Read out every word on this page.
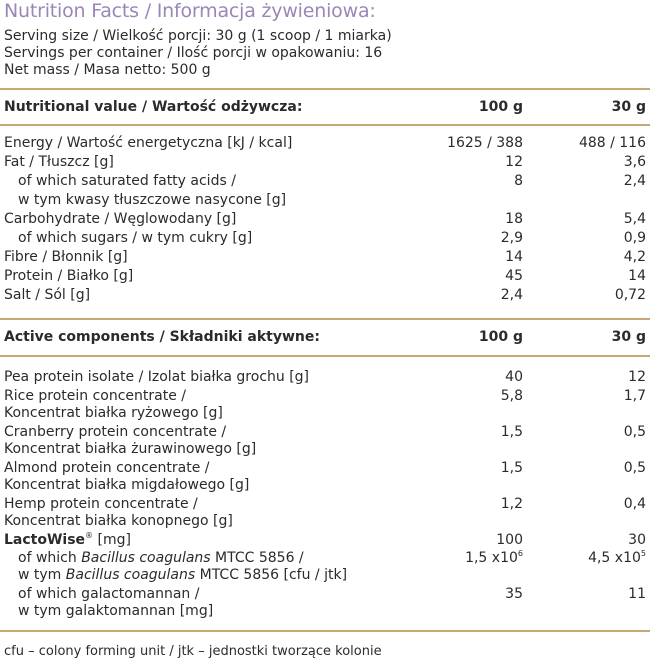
Nutrition Facts / Informacja żywieniowa:
Serving size / Wielkość porcji: 30 g (1 scoop / 1 miarka)
Servings per container / Ilość porcji w opakowaniu: 16
Net mass / Masa netto: 500 g
Nutritional value / Wartość odżywcza:	100 g	30 g
Energy / Wartość energetyczna [kJ / kcal]	1625 / 388	488 / 116
Fat / Tłuszcz [g]	12	3,6
of which saturated fatty acids /	8	2,4
w tym kwasy tłuszczowe nasycone [g]
Carbohydrate / Węglowodany [g]	18	5,4
of which sugars / w tym cukry [g]	2,9	0,9
Fibre / Błonnik [g]	14	4,2
Protein / Białko [g]	45	14
Salt / Sól [g]	2,4	0,72
Active components / Składniki aktywne:	100 g	30 g
Pea protein isolate / Izolat białka grochu [g]	40	12
Rice protein concentrate /	5,8	1,7
Koncentrat białka ryżowego [g]
Cranberry protein concentrate /	1,5	0,5
Koncentrat białka żurawinowego [g]
Almond protein concentrate /	1,5	0,5
Koncentrat białka migdałowego [g]
Hemp protein concentrate /	1,2	0,4
Koncentrat białka konopnego [g]
LactoWise® [mg]	100	30
of which Bacillus coagulans MTCC 5856 /	1,5 $x10^6$	4,5 $x10^5$
w tym Bacillus coagulans MTCC 5856 [cfu / jtk]
of which galactomannan /	35	11
w tym galaktomannan [mg]
cfu – colony forming unit / jtk – jednostki tworzące kolonie
